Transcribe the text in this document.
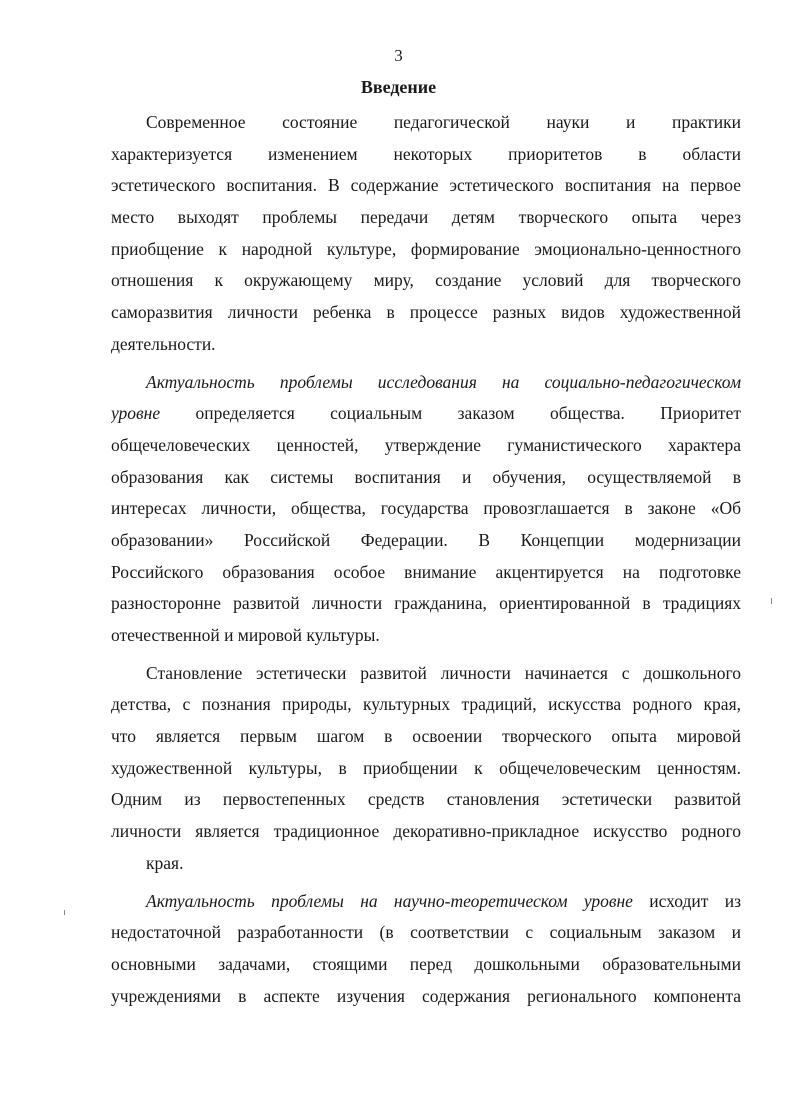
3
Введение
Современное состояние педагогической науки и практики
характеризуется изменением некоторых приоритетов в области
эстетического воспитания. В содержание эстетического воспитания на первое
место выходят проблемы передачи детям творческого опыта через
приобщение к народной культуре, формирование эмоционально-ценностного
отношения к окружающему миру, создание условий для творческого
саморазвития личности ребенка в процессе разных видов художественной
деятельности.
Актуальность проблемы исследования на социально-педагогическом
уровне определяется социальным заказом общества. Приоритет
общечеловеческих ценностей, утверждение гуманистического характера
образования как системы воспитания и обучения, осуществляемой в
интересах личности, общества, государства провозглашается в законе «Об
образовании» Российской Федерации. В Концепции модернизации
Российского образования особое внимание акцентируется на подготовке
разносторонне развитой личности гражданина, ориентированной в традициях
отечественной и мировой культуры.
Становление эстетически развитой личности начинается с дошкольного
детства, с познания природы, культурных традиций, искусства родного края,
что является первым шагом в освоении творческого опыта мировой
художественной культуры, в приобщении к общечеловеческим ценностям.
Одним из первостепенных средств становления эстетически развитой
личности является традиционное декоративно-прикладное искусство родного
края.
Актуальность проблемы на научно-теоретическом уровне исходит из
недостаточной разработанности (в соответствии с социальным заказом и
основными задачами, стоящими перед дошкольными образовательными
учреждениями в аспекте изучения содержания регионального компонента
